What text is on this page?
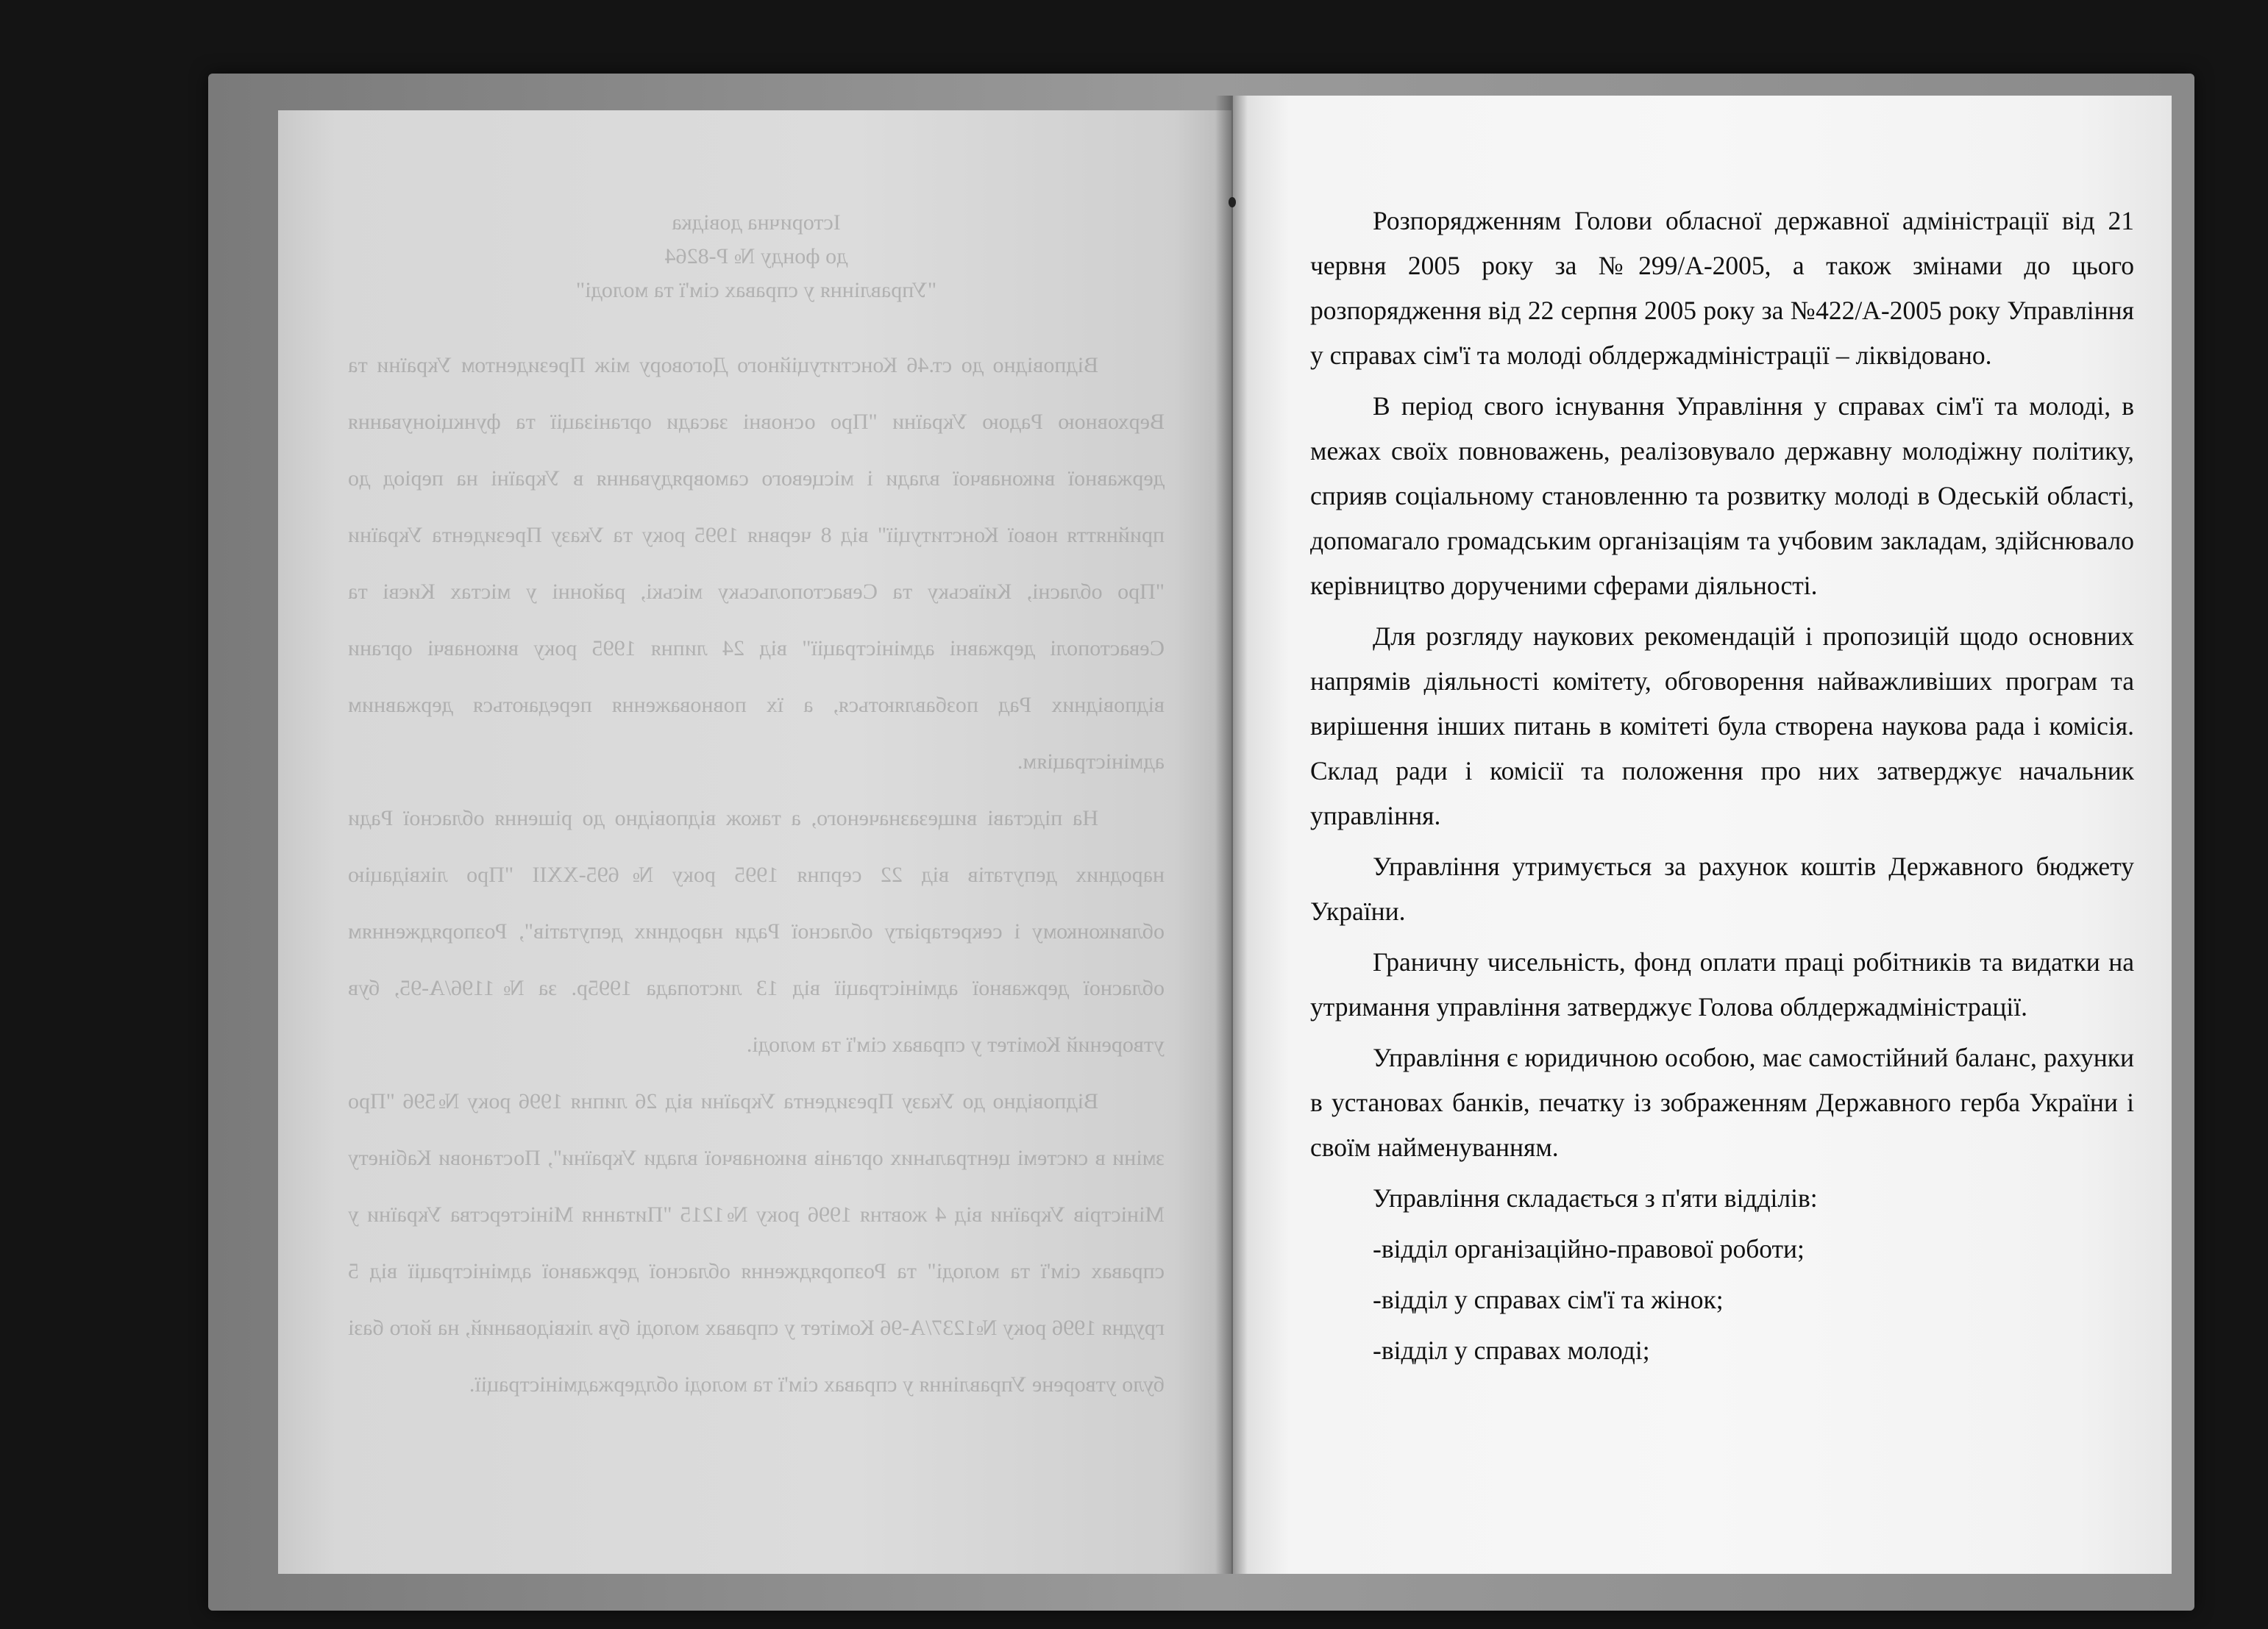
Історична довідка
до фонду № Р-8264
"Управління у справах сім'ї та молоді"

Відповідно до ст.46 Конституційного Договору між Президентом України та Верховною Радою України "Про основні засади організації та функціонування державної виконавчої влади і місцевого самоврядування в Україні на період до прийняття нової Конституції" від 8 червня 1995 року та Указу Президента України "Про обласні, Київську та Севастопольську міські, районні у містах Києві та Севастополі державні адміністрації" від 24 липня 1995 року виконавчі органи відповідних Рад позбавляються, а їх повноваження передаються державним адміністраціям.

На підставі вищезазначеного, а також відповідно до рішення обласної Ради народних депутатів від 22 серпня 1995 року №695-XXII "Про ліквідацію облвиконкому і секретаріату обласної Ради народних депутатів", Розпорядженням обласної державної адміністрації від 13 листопада 1995р. за №1196/А-95, був утворений Комітет у справах сім'ї та молоді.

Відповідно до Указу Президента України від 26 липня 1996 року №596 "Про зміни в системі центральних органів виконавчої влади України", Постанови Кабінету Міністрів України від 4 жовтня 1996 року №1215 "Питання Міністерства України у справах сім'ї та молоді" та Розпорядження обласної державної адміністрації від 5 грудня 1996 року №1237/А-96 Комітет у справах молоді був ліквідований, на його базі було утворене Управління у справах сім'ї та молоді облдержадміністрації.

Розпорядженням Голови обласної державної адміністрації від 21 червня 2005 року за №299/А-2005, а також змінами до цього розпорядження від 22 серпня 2005 року за №422/А-2005 року Управління у справах сім'ї та молоді облдержадміністрації – ліквідовано.

В період свого існування Управління у справах сім'ї та молоді, в межах своїх повноважень, реалізовувало державну молодіжну політику, сприяв соціальному становленню та розвитку молоді в Одеській області, допомагало громадським організаціям та учбовим закладам, здійснювало керівництво дорученими сферами діяльності.

Для розгляду наукових рекомендацій і пропозицій щодо основних напрямів діяльності комітету, обговорення найважливіших програм та вирішення інших питань в комітеті була створена наукова рада і комісія. Склад ради і комісії та положення про них затверджує начальник управління.

Управління утримується за рахунок коштів Державного бюджету України.

Граничну чисельність, фонд оплати праці робітників та видатки на утримання управління затверджує Голова облдержадміністрації.

Управління є юридичною особою, має самостійний баланс, рахунки в установах банків, печатку із зображенням Державного герба України і своїм найменуванням.

Управління складається з п'яти відділів:

-відділ організаційно-правової роботи;

-відділ у справах сім'ї та жінок;

-відділ у справах молоді;
